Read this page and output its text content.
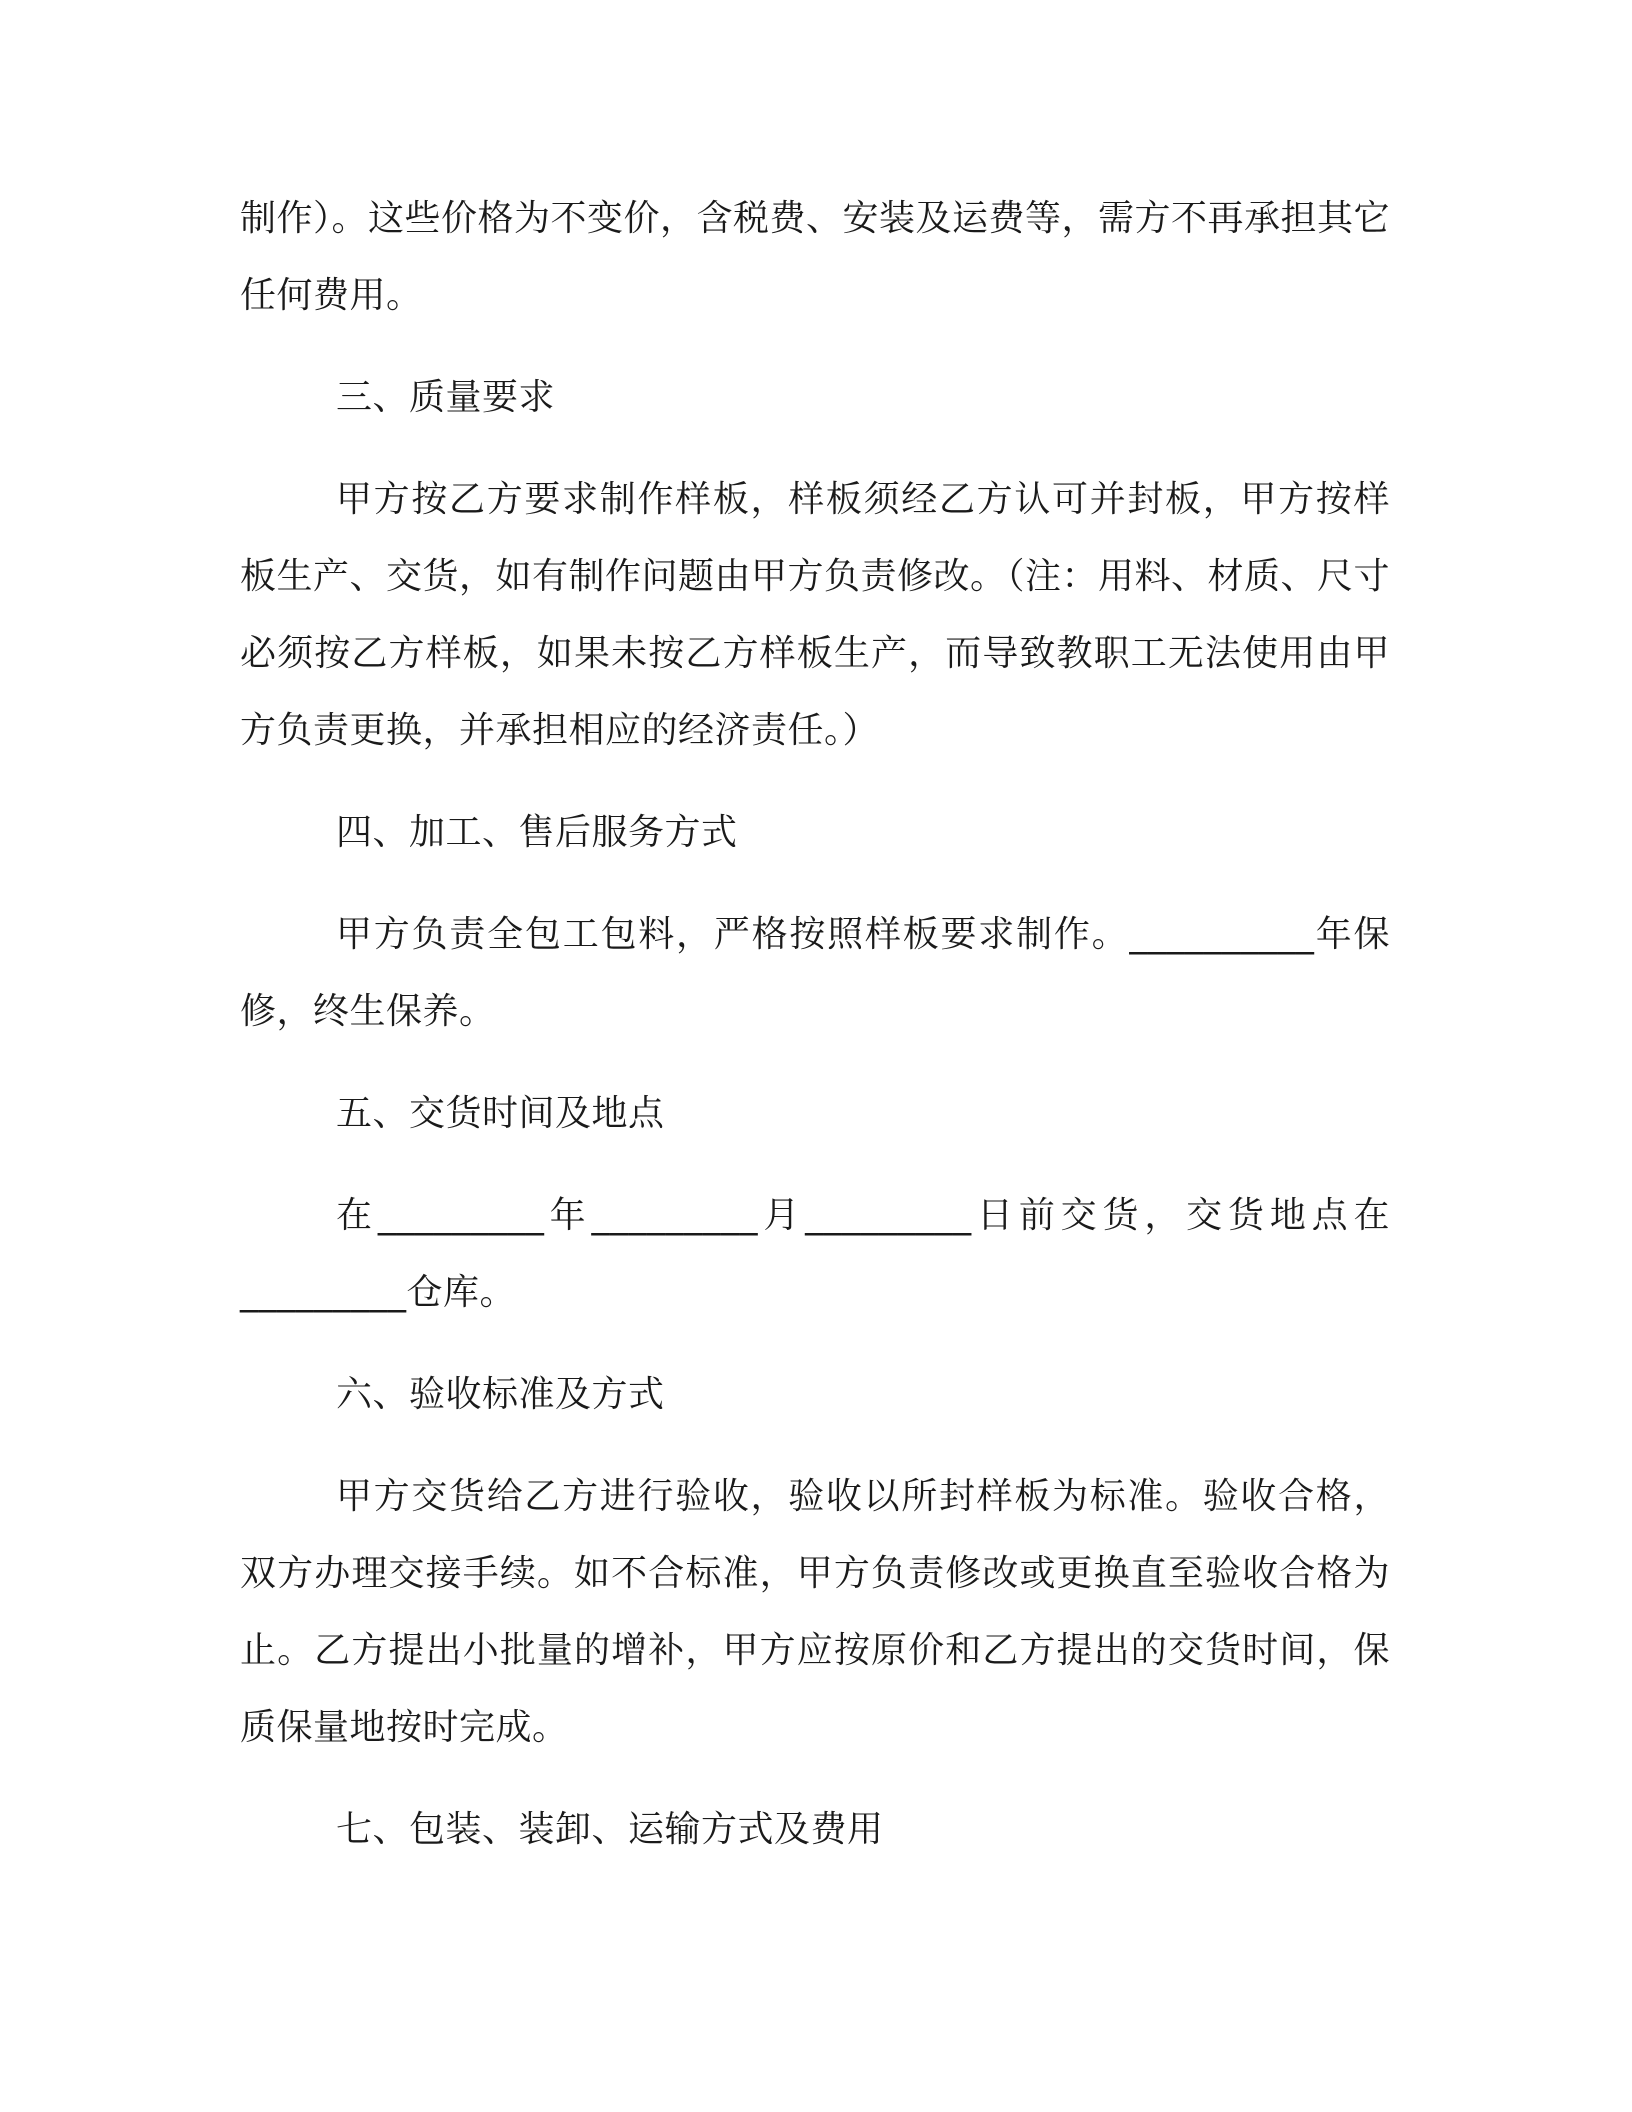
制作）。这些价格为不变价，含税费、安装及运费等，需方不再承担其它任何费用。

三、质量要求

甲方按乙方要求制作样板，样板须经乙方认可并封板，甲方按样板生产、交货，如有制作问题由甲方负责修改。（注：用料、材质、尺寸必须按乙方样板，如果未按乙方样板生产，而导致教职工无法使用由甲方负责更换，并承担相应的经济责任。）

四、加工、售后服务方式

甲方负责全包工包料，严格按照样板要求制作。__________年保修，终生保养。

五、交货时间及地点

在_________年_________月_________日前交货，交货地点在_________仓库。

六、验收标准及方式

甲方交货给乙方进行验收，验收以所封样板为标准。验收合格，双方办理交接手续。如不合标准，甲方负责修改或更换直至验收合格为止。乙方提出小批量的增补，甲方应按原价和乙方提出的交货时间，保质保量地按时完成。

七、包装、装卸、运输方式及费用
